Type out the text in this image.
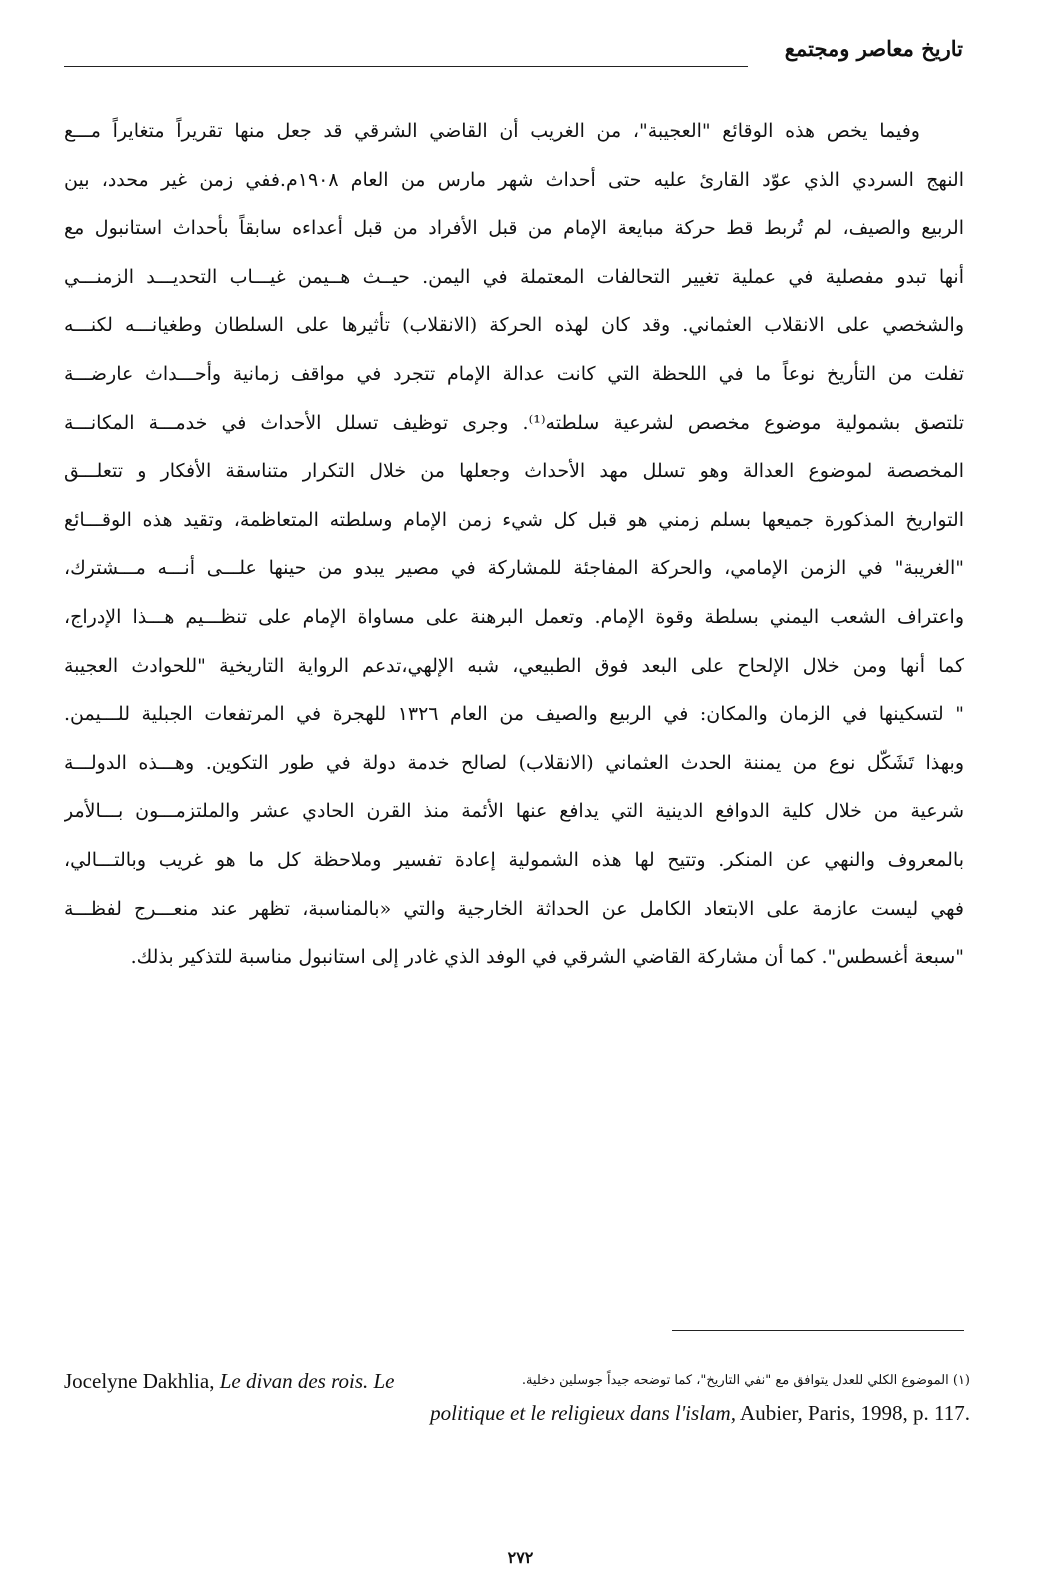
تاريخ معاصر ومجتمع
وفيما يخص هذه الوقائع "العجيبة"، من الغريب أن القاضي الشرقي قد جعل منها تقريراً متغايراً مـــع
النهج السردي الذي عوّد القارئ عليه حتى أحداث شهر مارس من العام ١٩٠٨م.ففي زمن غير محدد، بين
الربيع والصيف، لم تُربط قط حركة مبايعة الإمام من قبل الأفراد من قبل أعداءه سابقاً بأحداث استانبول مع
أنها تبدو مفصلية في عملية تغيير التحالفات المعتملة في اليمن. حيــث هــيمن غيـــاب التحديـــد الزمنـــي
والشخصي على الانقلاب العثماني. وقد كان لهذه الحركة (الانقلاب) تأثيرها على السلطان وطغيانـــه لكنـــه
تفلت من التأريخ نوعاً ما في اللحظة التي كانت عدالة الإمام تتجرد في مواقف زمانية وأحـــداث عارضـــة
تلتصق بشمولية موضوع مخصص لشرعية سلطته⁽¹⁾. وجرى توظيف تسلل الأحداث في خدمـــة المكانـــة
المخصصة لموضوع العدالة وهو تسلل مهد الأحداث وجعلها من خلال التكرار متناسقة الأفكار و تتعلـــق
التواريخ المذكورة جميعها بسلم زمني هو قبل كل شيء زمن الإمام وسلطته المتعاظمة، وتقيد هذه الوقـــائع
"الغريبة" في الزمن الإمامي، والحركة المفاجئة للمشاركة في مصير يبدو من حينها علـــى أنـــه مـــشترك،
واعتراف الشعب اليمني بسلطة وقوة الإمام. وتعمل البرهنة على مساواة الإمام على تنظـــيم هـــذا الإدراج،
كما أنها ومن خلال الإلحاح على البعد فوق الطبيعي، شبه الإلهي،تدعم الرواية التاريخية "للحوادث العجيبة
" لتسكينها في الزمان والمكان: في الربيع والصيف من العام ١٣٢٦ للهجرة في المرتفعات الجبلية للـــيمن.
وبهذا تَشَكّل نوع من يمننة الحدث العثماني (الانقلاب) لصالح خدمة دولة في طور التكوين. وهـــذه الدولـــة
شرعية من خلال كلية الدوافع الدينية التي يدافع عنها الأئمة منذ القرن الحادي عشر والملتزمـــون بـــالأمر
بالمعروف والنهي عن المنكر. وتتيح لها هذه الشمولية إعادة تفسير وملاحظة كل ما هو غريب وبالتـــالي،
فهي ليست عازمة على الابتعاد الكامل عن الحداثة الخارجية والتي «بالمناسبة، تظهر عند منعـــرج لفظـــة
"سبعة أغسطس". كما أن مشاركة القاضي الشرقي في الوفد الذي غادر إلى استانبول مناسبة للتذكير بذلك.
(١) الموضوع الكلي للعدل يتوافق مع "نفي التاريخ"، كما توضحه جيداً جوسلين دخلية.
Jocelyne Dakhlia, Le divan des rois. Le
politique et le religieux dans l'islam, Aubier, Paris, 1998, p. 117.
٢٧٢
